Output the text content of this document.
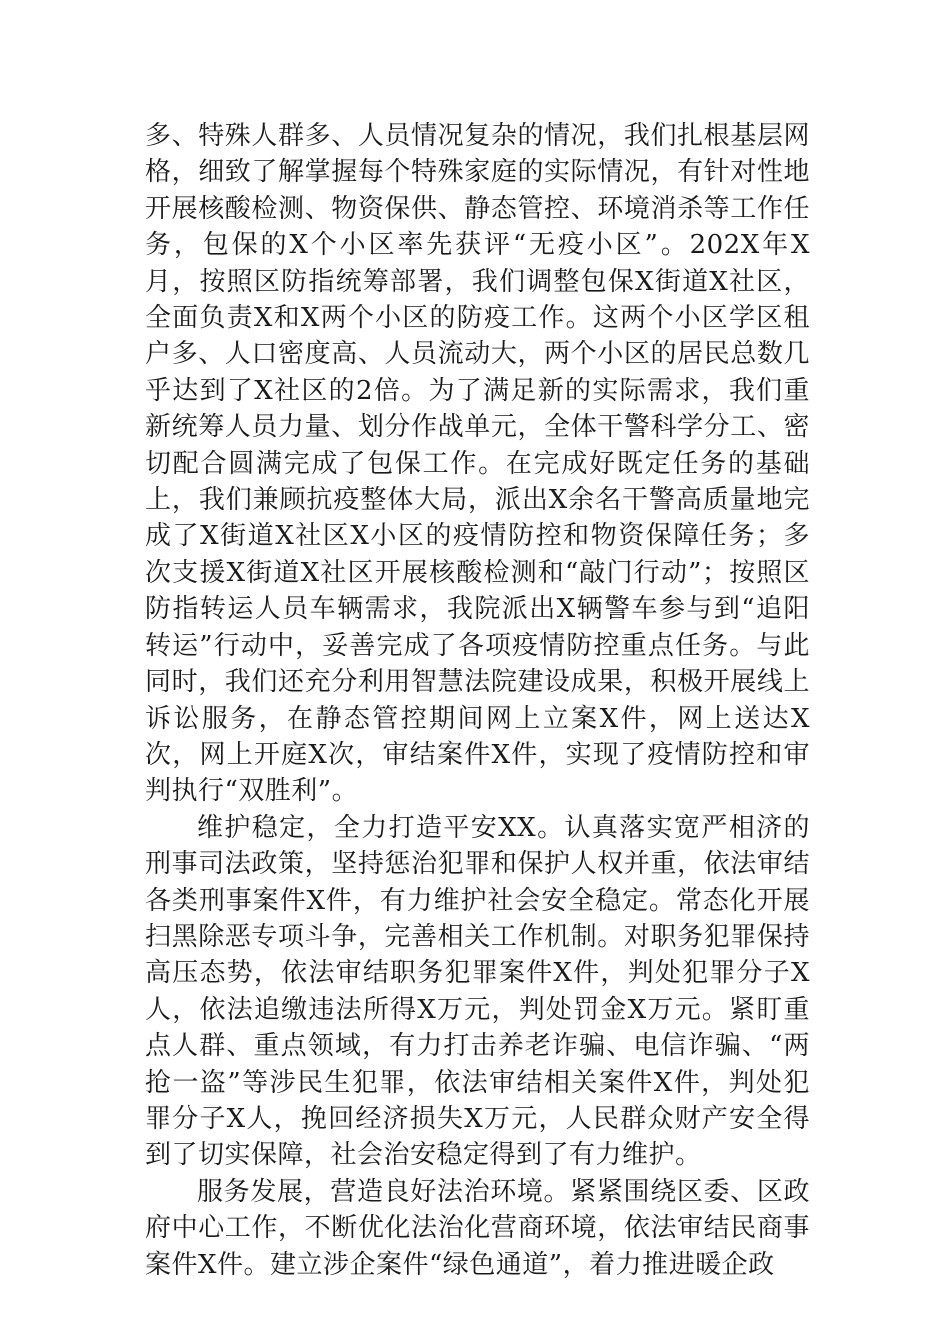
多、特殊人群多、人员情况复杂的情况，我们扎根基层网格，细致了解掌握每个特殊家庭的实际情况，有针对性地开展核酸检测、物资保供、静态管控、环境消杀等工作任务，包保的X个小区率先获评“无疫小区”。202X年X月，按照区防指统筹部署，我们调整包保X街道X社区，全面负责X和X两个小区的防疫工作。这两个小区学区租户多、人口密度高、人员流动大，两个小区的居民总数几乎达到了X社区的2倍。为了满足新的实际需求，我们重新统筹人员力量、划分作战单元，全体干警科学分工、密切配合圆满完成了包保工作。在完成好既定任务的基础上，我们兼顾抗疫整体大局，派出X余名干警高质量地完成了X街道X社区X小区的疫情防控和物资保障任务；多次支援X街道X社区开展核酸检测和“敲门行动”；按照区防指转运人员车辆需求，我院派出X辆警车参与到“追阳转运”行动中，妥善完成了各项疫情防控重点任务。与此同时，我们还充分利用智慧法院建设成果，积极开展线上诉讼服务，在静态管控期间网上立案X件，网上送达X次，网上开庭X次，审结案件X件，实现了疫情防控和审判执行“双胜利”。

维护稳定，全力打造平安XX。认真落实宽严相济的刑事司法政策，坚持惩治犯罪和保护人权并重，依法审结各类刑事案件X件，有力维护社会安全稳定。常态化开展扫黑除恶专项斗争，完善相关工作机制。对职务犯罪保持高压态势，依法审结职务犯罪案件X件，判处犯罪分子X人，依法追缴违法所得X万元，判处罚金X万元。紧盯重点人群、重点领域，有力打击养老诈骗、电信诈骗、“两抢一盗”等涉民生犯罪，依法审结相关案件X件，判处犯罪分子X人，挽回经济损失X万元，人民群众财产安全得到了切实保障，社会治安稳定得到了有力维护。

服务发展，营造良好法治环境。紧紧围绕区委、区政府中心工作，不断优化法治化营商环境，依法审结民商事案件X件。建立涉企案件“绿色通道”，着力推进暖企政
